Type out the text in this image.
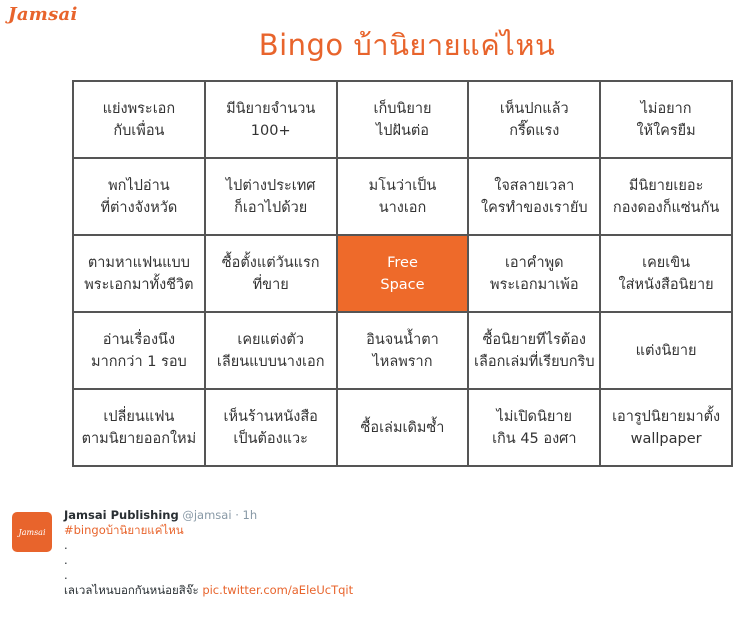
Jamsai
Bingo บ้านิยายแค่ไหน
แย่งพระเอก
กับเพื่อน
มีนิยายจำนวน
100+
เก็บนิยาย
ไปฝันต่อ
เห็นปกแล้ว
กรี๊ดแรง
ไม่อยาก
ให้ใครยืม
พกไปอ่าน
ที่ต่างจังหวัด
ไปต่างประเทศ
ก็เอาไปด้วย
มโนว่าเป็น
นางเอก
ใจสลายเวลา
ใครทำของเรายับ
มีนิยายเยอะ
กองดองก็แซ่นกัน
ตามหาแฟนแบบ
พระเอกมาทั้งชีวิต
ซื้อตั้งแต่วันแรก
ที่ขาย
Free
Space
เอาคำพูด
พระเอกมาเพ้อ
เคยเขิน
ใส่หนังสือนิยาย
อ่านเรื่องนึง
มากกว่า 1 รอบ
เคยแต่งตัว
เลียนแบบนางเอก
อินจนน้ำตา
ไหลพราก
ซื้อนิยายทีไรต้อง
เลือกเล่มที่เรียบกริบ
แต่งนิยาย
เปลี่ยนแฟน
ตามนิยายออกใหม่
เห็นร้านหนังสือ
เป็นต้องแวะ
ซื้อเล่มเดิมซ้ำ
ไม่เปิดนิยาย
เกิน 45 องศา
เอารูปนิยายมาตั้ง
wallpaper
Jamsai
Jamsai Publishing @jamsai · 1h
#bingoบ้านิยายแค่ไหน
.
.
.
เลเวลไหนบอกกันหน่อยสิจ๊ะ pic.twitter.com/aEleUcTqit
